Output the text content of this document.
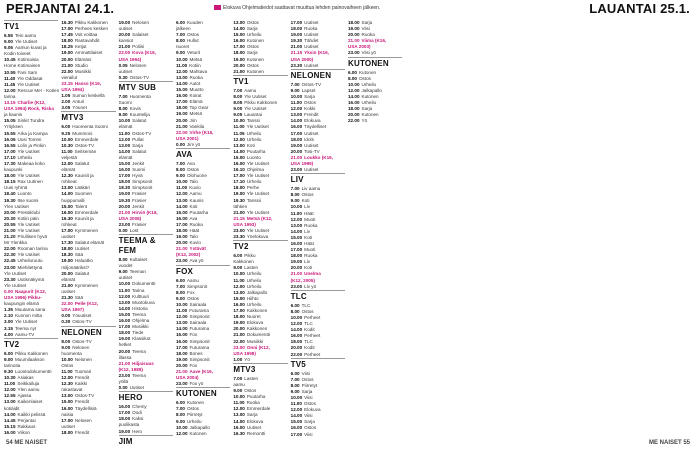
PERJANTAI 24.1.	Elokuva Ohjelmatiedot saattavat muuttua lehden painovaiheen jälkeen.	LAUANTAI 25.1.
TV1
6.55 Tein aamu
9.00 Yle Uutiset
9.05 Aamun kuvat ja
Kodin toiveet
10.45 Kotimaisia
Home Kotimaisen
10.55 Fani Sam
11.40 Yle Oddasat
11.45 Yle Uutiset
12.00 Rescue Me! - Kotien
tarina
13.15 Charlie (K12,
USA 1994) Rock, Riska
ja kaunis
15.05 Sinkit Tundra
Yrityksen
15.55 Arka ja Kampa
16.05 Uusi Tommi
16.55 Lolin ja Pinkin
17.00 Yle Uutiset
17.10 Urheilu
17.30 Makeaa koko
kaupunki
18.00 Yle Uutiset
18.15 Rax Uutinen
Uusi ryhmä
18.40 Luonto
19.30 Itse suomi
Ylen Uutiset
20.00 Pressiklubi
20.30 Kotiin päin
20.55 Yle Uutiset
21.00 Yle Uutiset
21.20 Pirullisen hyvä
Mr Ylenkka
22.00 Rooman tarina
22.30 Yle Uutiset
22.45 Urheiluruutu
23.00 Miehitettynä
Yle Uutiset
23.30 Uutisnäkymä
Yle Uutiset
0.00 Naapurit (K12,
USA 1996) Pikku-
kaupungin elämä
1.35 Muutama sana
2.10 Kunnon mitta
3.00 Yle Uutiset
3.15 Teema nyt
4.00 Aamu-TV
TV2
6.00 Pikku Kakkonen
9.00 Muumilaakson
tarinoita
9.30 Luontodokumentti
10.30 Asiakas
11.00 Seikkailuja
12.00 Ylen aamu
12.55 Ajassa
13.00 Kaikenlaiset
kotiäidit
14.00 Kaikki pelissä
14.45 Perjantai
15.15 Rakkaus
16.00 Viikon
16.30 Pikku Kakkonen
17.00 Perheen kesken
17.45 Voit voittaa
18.00 Rantavahdit
18.25 Ketjut
19.00 Ammattilaiset
20.00 Elämäni
21.00 Studio
22.00 Musiikki
vierailut
23.15 Hasso (K16,
USA 1994)
1.05 Sumun keskellä
2.00 Anturi
3.05 Yöunet
MTV3
6.00 Huomenta Suomi
9.25 Mummoni
10.00 Emmerdale
10.30 Ostos-TV
11.00 Seitsemän
veljestä
12.00 Salatut
elämät
12.30 Kauniit ja
rohkeat
13.00 Lääkäri
14.00 Suomen
huippumalli
15.00 Talent
16.00 Emmerdale
16.30 Kauniit ja
rohkeat
17.00 Kymmenen
uutiset
17.30 Salatut elämät
18.00 Uutiset
18.30 Sää
19.00 Haluatko
miljonääriksi?
20.00 Salatut
elämät
21.00 Kymmenen
uutiset
21.30 Sää
22.00 Pelle (K12,
USA 1997)
0.00 Yöuutiset
0.30 Ostos-TV
NELONEN
8.00 Ostos-TV
9.00 Nelonen
huomenta
10.00 Nelonen
Ostos
11.00 Tuomari
12.00 Frendit
12.30 Kaikki
rakastavat
13.00 Ostos-TV
15.00 Frendit
16.00 Täydellisiä
naisia
17.00 Nelosen
uutiset
18.00 Frendit
19.00 Nelosen
uutiset
20.00 Salaiset
kansiot
21.00 Poliisi
22.00 Kova (K16,
USA 1994)
0.05 Nelosen
uutiset
0.30 Ostos-TV
MTV SUB
7.00 Huomenta
Suomi
8.00 Kovis
9.00 Kuuntelija
10.00 Salatut
elämät
11.00 Ostos-TV
12.00 Pullat
13.00 Sarja
14.00 Salatut
elämät
15.00 Jenkit
16.00 Suomi
17.00 Hyvä
18.00 Simpsonit
18.30 Simpsonit
19.00 Frasier
19.30 Frasier
20.00 Jenkit
21.00 Hirviö (K16,
USA 2008)
23.00 Frasier
0.00 Lost
TEEMA & FEM
8.00 Kultaiset
vuodet
9.00 Teeman
uutiset
10.00 Dokumentti
11.00 Tarina
12.00 Kulttuuri
13.00 Muotokuva
14.00 Historia
15.00 Teema
16.00 Ohjelma
17.00 Musiikki
18.00 Tiede
19.00 Klassikot
hetket
20.00 Teema
illassa
21.00 Hiljaisuus
(K12, 1988)
23.00 Teema
yöllä
0.00 Uutiset
HERO
16.00 Chemy
17.00 Oodi
18.00 Kaksi
puolikasta
19.00 Hero
JIM
6.00 Kuuden
jälkeen
7.00 Ostos
8.00 Hullut
nuoret
9.00 Veturit
10.00 Metsä
11.00 Kotiin
12.00 Mahtava
13.00 Ruoka
14.00 Autot
15.00 Muutto
16.00 Koirat
17.00 Elämä
18.00 Top Gear
19.00 Metsä
20.00 Jim
21.00 Vankila
22.00 Virhe (K16,
USA 2001)
0.00 Jim yö
AVA
7.00 Ava
8.00 Ostos
9.00 Olohuone
10.00 Talo
11.00 Kuvio
12.00 Aamu
13.00 Kaunis
14.00 Koti
15.00 Puutarha
16.00 Ava
17.00 Ruoka
18.00 Häät
19.00 Talo
20.00 Kuvio
21.00 Ystävät
(K12, 2002)
23.00 Ava yö
FOX
6.00 Aamu
7.00 Simpsonit
8.00 Fox
9.00 Ostos
10.00 Sairaala
11.00 Futurama
12.00 Simpsonit
13.00 Sairaala
14.00 Futurama
15.00 Fox
16.00 Simpsonit
17.00 Futurama
18.00 Bones
19.00 Simpsonit
20.00 Fox
21.00 Aave (K16,
USA 2004)
23.00 Fox yö
KUTONEN
6.00 Kutonen
7.00 Ostos
8.00 Piirretyt
9.00 Urheilu
10.00 Jalkapallo
12.00 Kutonen
13.00 Ostos
14.00 Sarja
15.00 Urheilu
16.00 Kutonen
17.00 Ostos
18.00 Sarja
19.00 Kutonen
20.00 Ostos
21.00 Kutonen
TV1
7.00 Aamu
8.00 Yle Uutiset
8.05 Pikku Kakkonen
9.00 Yle Uutiset
9.05 Lauantai
10.00 Tanssi
11.00 Yle Uutiset
11.05 Urheilu
12.00 Urheilu
13.00 Koti
14.00 Puutarha
15.00 Luonto
16.00 Yle Uutiset
16.10 Ohjelma
17.00 Yle Uutiset
17.10 Urheilu
18.00 Perhe
19.00 Yle Uutiset
19.30 Tanssii
tähtien
21.00 Yle Uutiset
21.15 Metsä (K12,
USA 1993)
23.00 Yle Uutiset
23.30 Yöelokuva
TV2
6.00 Pikku
Kakkonen
9.00 Lasten
10.00 Urheilu
11.00 Urheilu
12.00 Urheilu
13.00 Jalkapallo
15.00 Hiihto
16.00 Urheilu
17.00 Kakkonen
18.00 Nuoret
19.00 Elokuva
20.00 Kakkonen
21.00 Dokumentti
22.00 Musiikki
23.00 Onni (K12,
USA 1998)
1.00 Yö
MTV3
7.00 Lasten
aamu
9.00 Ostos
10.00 Puutarha
11.00 Ruoka
12.00 Emmerdale
13.00 Sarja
14.00 Elokuva
16.00 Uutiset
16.30 Remontti
17.00 Uutiset
18.00 Ruoka
19.00 Uutiset
19.30 Tähdet
21.00 Uutiset
21.15 Yksin (K16,
USA 2000)
23.30 Uutiset
NELONEN
7.00 Ostos-TV
9.00 Lapset
10.00 Sarja
11.00 Ostos
12.00 Kokki
13.00 Frendit
14.00 Elokuva
16.00 Täydelliset
17.00 Uutiset
18.00 Idols
19.00 Uutiset
20.00 Tosi-TV
21.00 Loukko (K16,
USA 1999)
23.00 Uutiset
LIV
7.00 Liv aamu
8.00 Ostos
9.00 Koti
10.00 Liv
11.00 Häät
12.00 Muoti
13.00 Ruoka
14.00 Liv
15.00 Koti
16.00 Häät
17.00 Muoti
18.00 Ruoka
19.00 Liv
20.00 Koti
21.00 Unelma
(K12, 2005)
23.00 Liv yö
TLC
6.00 TLC
8.00 Ostos
10.00 Perheet
12.00 TLC
14.00 Kodit
16.00 Perheet
18.00 TLC
20.00 Kodit
22.00 Perheet
TV5
6.00 Viisi
7.00 Ostos
8.00 Piirretyt
9.00 Sarja
10.00 Viisi
11.00 Ostos
12.00 Elokuva
14.00 Viisi
15.00 Sarja
16.00 Ostos
17.00 Viisi
18.00 Sarja
19.00 Viisi
20.00 Ruoka
21.00 Viima (K16,
USA 2003)
23.00 Viisi yö
KUTONEN
6.00 Kutonen
8.00 Ostos
10.00 Urheilu
12.00 Jalkapallo
14.00 Kutonen
16.00 Urheilu
18.00 Sarja
20.00 Kutonen
22.00 Yö
54 ME NAISET	ME NAISET 55
